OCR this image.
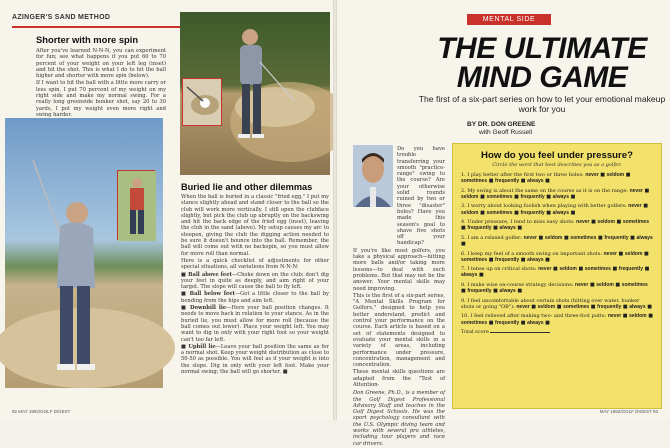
AZINGER'S SAND METHOD
Shorter with more spin

After you've learned N-N-N, you can experiment for fun; see what happens if you put 60 to 70 percent of your weight on your left leg (inset) and hit the shot. This is what I do to hit the ball higher and shorter with more spin (below).

If I want to hit the ball with a little more carry or less spin, I put 70 percent of my weight on my right side and make my normal swing. For a really long greenside bunker shot, say 20 to 30 yards, I put my weight even more right and swing harder.

Buried lie and other dilemmas

When the ball is buried in a classic "fried egg," I put my stance slightly ahead and stand closer to the ball so the club will work more vertically. I still open the clubface slightly, but pick the club up abruptly on the backswing and hit the back edge of the fried egg (inset), leaving the club in the sand (above). My setup causes my arc to steepen, giving the club the digging action needed to be sure it doesn't bounce into the ball. Remember, the ball will come out with no backspin, so you must allow for more roll than normal.

Here is a quick checklist of adjustments for other special situations, all variations from N-N-N:

■ Ball above feet—Choke down on the club; don't dig your feet in quite as deeply, and aim right of your target. The slope will cause the ball to fly left.

■ Ball below feet—Get a little closer to the ball by bending from the hips and aim left.

■ Downhill lie—Here your ball position changes. It needs to move back in relation to your stance. As in the buried lie, you must allow for more roll (because the ball comes out lower). Place your weight left. You may want to dig in only with your right foot so your weight can't too far left.

■ Uphill lie—Leave your ball position the same as for a normal shot. Keep your weight distribution as close to 50-50 as possible. You will feel as if your weight is into the slope. Dig in only with your left foot. Make your normal swing; the ball will go shorter. ■

92 MAY 1992/GOLF DIGEST
MENTAL SIDE
THE ULTIMATE
MIND GAME
The first of a six-part series on how to let your emotional makeup work for you
BY DR. DON GREENE
with Geoff Russell

Do you have trouble transferring your smooth "practice-range" swing to the course? Are your otherwise solid rounds ruined by two or three "disaster" holes? Have you made this season's goal to shave five shots off your handicap?

If you're like most golfers, you take a physical approach—hitting more balls and/or taking more lessons—to deal with such problems. But that may not be the answer. Your mental skills may need improving.

This is the first of a six-part series, "A Mental Skills Program for Golfers," designed to help you better understand, predict and control your performance on the course. Each article is based on a set of statements designed to evaluate your mental skills in a variety of areas, including performance under pressure, concentration, management and concentration.

These mental skills questions are adapted from the "Test of Attention-

Don Greene, Ph.D., is a member of the Golf Digest Professional Advisory Staff and teaches in the Golf Digest Schools. He was the sport psychology consultant with the U.S. Olympic diving team and works with several pro athletes, including tour players and race car drivers.

How do you feel under pressure?
Circle the word that best describes you as a golfer.
1. I play better after the first two or three holes: never ■ seldom ■ sometimes ■ frequently ■ always ■
2. My swing is about the same on the course as it is on the range: never ■ seldom ■ sometimes ■ frequently ■ always ■
3. I worry about looking foolish when playing with better golfers: never ■ seldom ■ sometimes ■ frequently ■ always ■
4. Under pressure, I tend to miss easy shots: never ■ seldom ■ sometimes ■ frequently ■ always ■
5. I am a relaxed golfer: never ■ seldom ■ sometimes ■ frequently ■ always ■
6. I keep my feel of a smooth swing on important shots: never ■ seldom ■ sometimes ■ frequently ■ always ■
7. I tense up on critical shots: never ■ seldom ■ sometimes ■ frequently ■ always ■
8. I make wise on-course strategy decisions: never ■ seldom ■ sometimes ■ frequently ■ always ■
9. I feel uncomfortable about certain shots (hitting over water, bunker shots or going "OB"): never ■ seldom ■ sometimes ■ frequently ■ always ■
10. I feel relieved after making two- and three-foot putts: never ■ seldom ■ sometimes ■ frequently ■ always ■
Total score
MAY 1992/GOLF DIGEST 93
